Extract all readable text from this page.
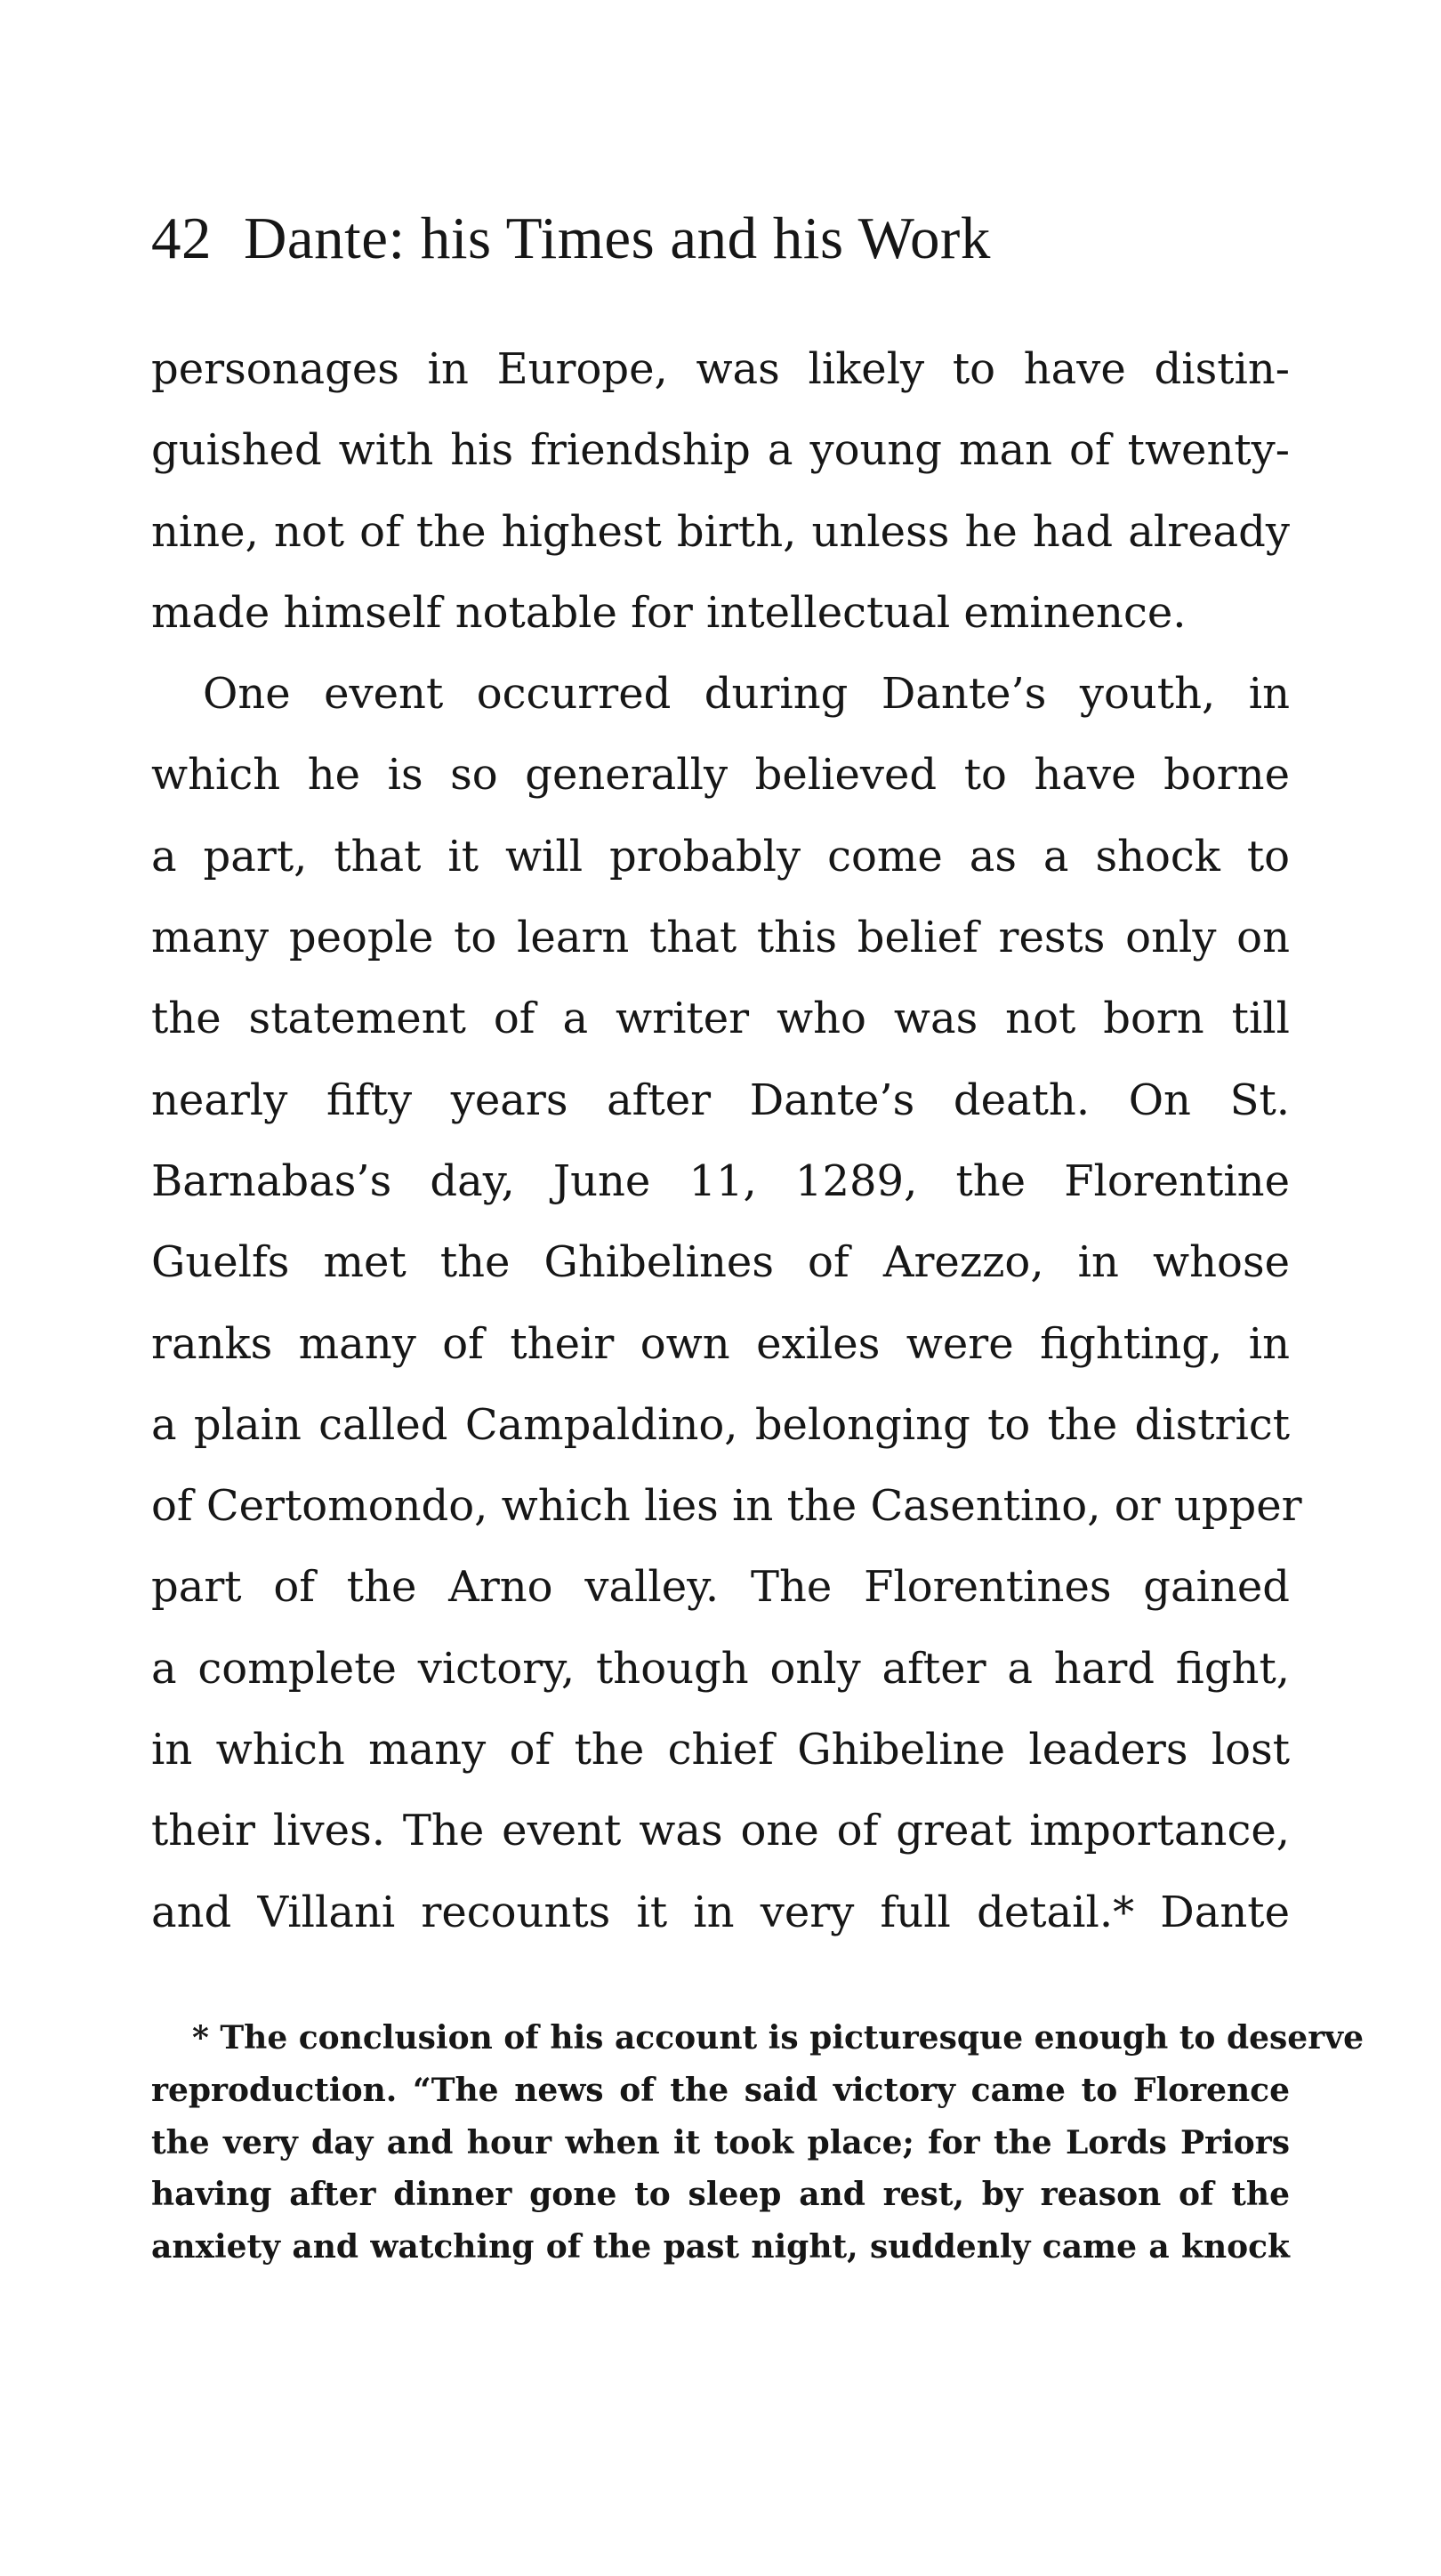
42 Dante: his Times and his Work
personages in Europe, was likely to have distin-
guished with his friendship a young man of twenty-
nine, not of the highest birth, unless he had already
made himself notable for intellectual eminence.
One event occurred during Dante’s youth, in
which he is so generally believed to have borne
a part, that it will probably come as a shock to
many people to learn that this belief rests only on
the statement of a writer who was not born till
nearly fifty years after Dante’s death. On St.
Barnabas’s day, June 11, 1289, the Florentine
Guelfs met the Ghibelines of Arezzo, in whose
ranks many of their own exiles were fighting, in
a plain called Campaldino, belonging to the district
of Certomondo, which lies in the Casentino, or upper
part of the Arno valley. The Florentines gained
a complete victory, though only after a hard fight,
in which many of the chief Ghibeline leaders lost
their lives. The event was one of great importance,
and Villani recounts it in very full detail.* Dante
* The conclusion of his account is picturesque enough to deserve
reproduction. “The news of the said victory came to Florence
the very day and hour when it took place; for the Lords Priors
having after dinner gone to sleep and rest, by reason of the
anxiety and watching of the past night, suddenly came a knock
